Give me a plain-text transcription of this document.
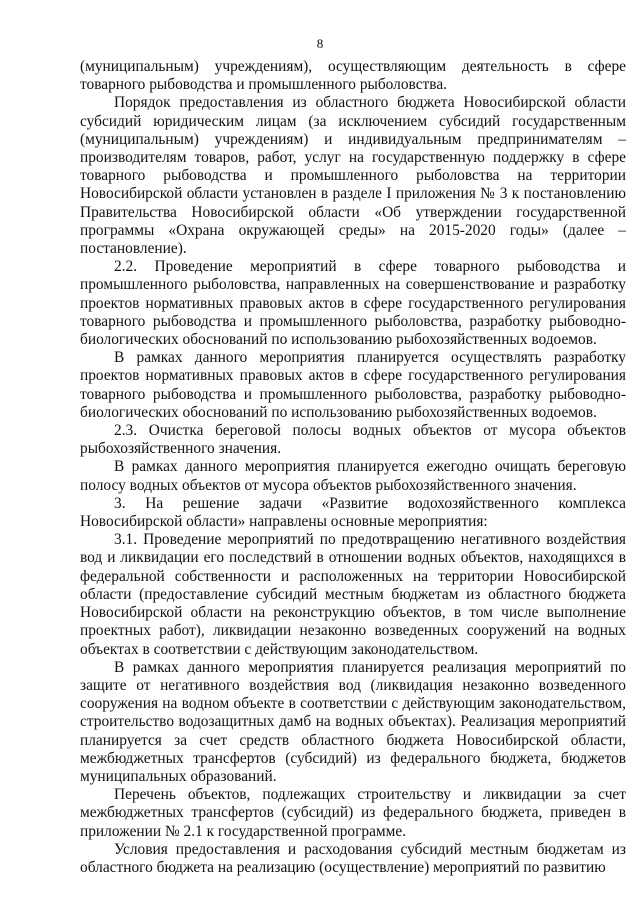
8

(муниципальным) учреждениям), осуществляющим деятельность в сфере товарного рыбоводства и промышленного рыболовства.

Порядок предоставления из областного бюджета Новосибирской области субсидий юридическим лицам (за исключением субсидий государственным (муниципальным) учреждениям) и индивидуальным предпринимателям – производителям товаров, работ, услуг на государственную поддержку в сфере товарного рыбоводства и промышленного рыболовства на территории Новосибирской области установлен в разделе I приложения № 3 к постановлению Правительства Новосибирской области «Об утверждении государственной программы «Охрана окружающей среды» на 2015-2020 годы» (далее – постановление).

2.2. Проведение мероприятий в сфере товарного рыбоводства и промышленного рыболовства, направленных на совершенствование и разработку проектов нормативных правовых актов в сфере государственного регулирования товарного рыбоводства и промышленного рыболовства, разработку рыбоводно-биологических обоснований по использованию рыбохозяйственных водоемов.

В рамках данного мероприятия планируется осуществлять разработку проектов нормативных правовых актов в сфере государственного регулирования товарного рыбоводства и промышленного рыболовства, разработку рыбоводно-биологических обоснований по использованию рыбохозяйственных водоемов.

2.3. Очистка береговой полосы водных объектов от мусора объектов рыбохозяйственного значения.

В рамках данного мероприятия планируется ежегодно очищать береговую полосу водных объектов от мусора объектов рыбохозяйственного значения.

3. На решение задачи «Развитие водохозяйственного комплекса Новосибирской области» направлены основные мероприятия:

3.1. Проведение мероприятий по предотвращению негативного воздействия вод и ликвидации его последствий в отношении водных объектов, находящихся в федеральной собственности и расположенных на территории Новосибирской области (предоставление субсидий местным бюджетам из областного бюджета Новосибирской области на реконструкцию объектов, в том числе выполнение проектных работ), ликвидации незаконно возведенных сооружений на водных объектах в соответствии с действующим законодательством.

В рамках данного мероприятия планируется реализация мероприятий по защите от негативного воздействия вод (ликвидация незаконно возведенного сооружения на водном объекте в соответствии с действующим законодательством, строительство водозащитных дамб на водных объектах). Реализация мероприятий планируется за счет средств областного бюджета Новосибирской области, межбюджетных трансфертов (субсидий) из федерального бюджета, бюджетов муниципальных образований.

Перечень объектов, подлежащих строительству и ликвидации за счет межбюджетных трансфертов (субсидий) из федерального бюджета, приведен в приложении № 2.1 к государственной программе.

Условия предоставления и расходования субсидий местным бюджетам из областного бюджета на реализацию (осуществление) мероприятий по развитию
